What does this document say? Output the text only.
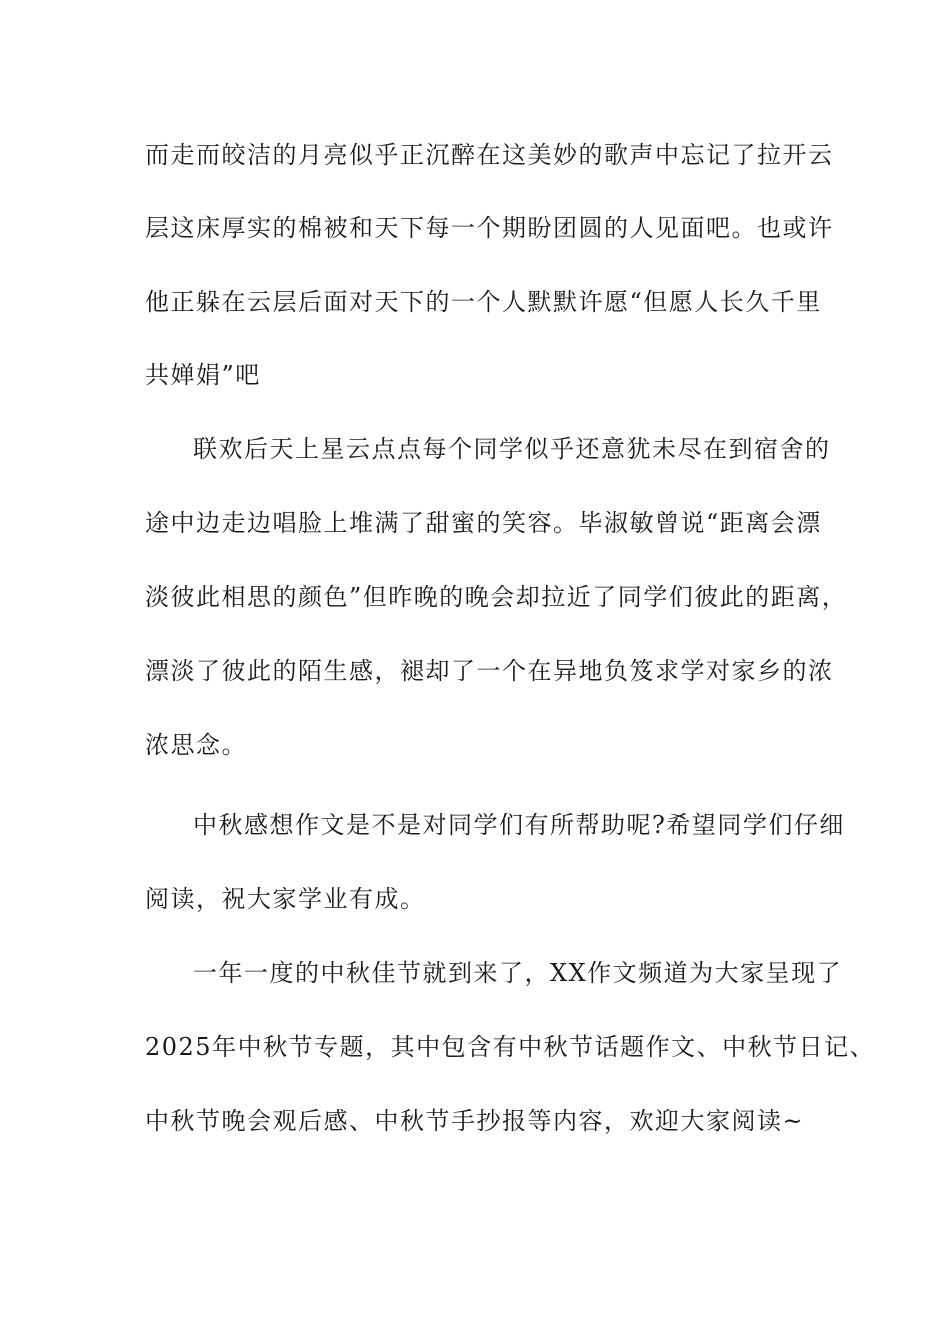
而走而皎洁的月亮似乎正沉醉在这美妙的歌声中忘记了拉开云
层这床厚实的棉被和天下每一个期盼团圆的人见面吧。也或许
他正躲在云层后面对天下的一个人默默许愿“但愿人长久千里
共婵娟”吧
联欢后天上星云点点每个同学似乎还意犹未尽在到宿舍的
途中边走边唱脸上堆满了甜蜜的笑容。毕淑敏曾说“距离会漂
淡彼此相思的颜色”但昨晚的晚会却拉近了同学们彼此的距离，
漂淡了彼此的陌生感，褪却了一个在异地负笈求学对家乡的浓
浓思念。
中秋感想作文是不是对同学们有所帮助呢?希望同学们仔细
阅读，祝大家学业有成。
一年一度的中秋佳节就到来了，XX作文频道为大家呈现了
2025年中秋节专题，其中包含有中秋节话题作文、中秋节日记、
中秋节晚会观后感、中秋节手抄报等内容，欢迎大家阅读~
